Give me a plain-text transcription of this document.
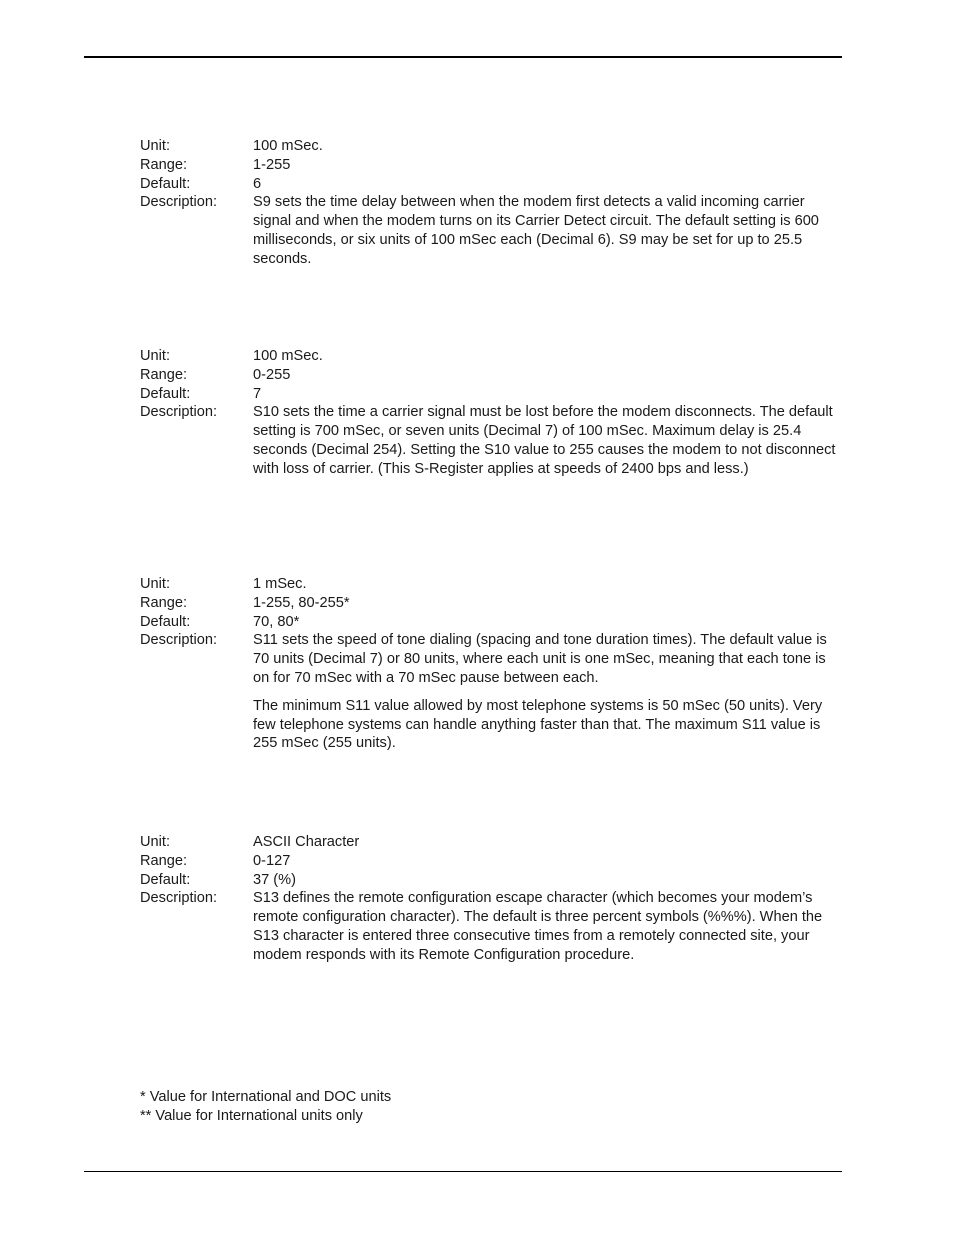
Unit:	100 mSec.
Range:	1-255
Default:	6
Description:	S9 sets the time delay between when the modem first detects a valid incoming carrier signal and when the modem turns on its Carrier Detect circuit. The default setting is 600 milliseconds, or six units of 100 mSec each (Decimal 6). S9 may be set for up to 25.5 seconds.

Unit:	100 mSec.
Range:	0-255
Default:	7
Description:	S10 sets the time a carrier signal must be lost before the modem disconnects. The default setting is 700 mSec, or seven units (Decimal 7) of 100 mSec. Maximum delay is 25.4 seconds (Decimal 254). Setting the S10 value to 255 causes the modem to not disconnect with loss of carrier. (This S-Register applies at speeds of 2400 bps and less.)

Unit:	1 mSec.
Range:	1-255, 80-255*
Default:	70, 80*
Description:	S11 sets the speed of tone dialing (spacing and tone duration times). The default value is 70 units (Decimal 7) or 80 units, where each unit is one mSec, meaning that each tone is on for 70 mSec with a 70 mSec pause between each.

The minimum S11 value allowed by most telephone systems is 50 mSec (50 units). Very few telephone systems can handle anything faster than that. The maximum S11 value is 255 mSec (255 units).

Unit:	ASCII Character
Range:	0-127
Default:	37 (%)
Description:	S13 defines the remote configuration escape character (which becomes your modem’s remote configuration character). The default is three percent symbols (%%%). When the S13 character is entered three consecutive times from a remotely connected site, your modem responds with its Remote Configuration procedure.

* Value for International and DOC units
** Value for International units only
